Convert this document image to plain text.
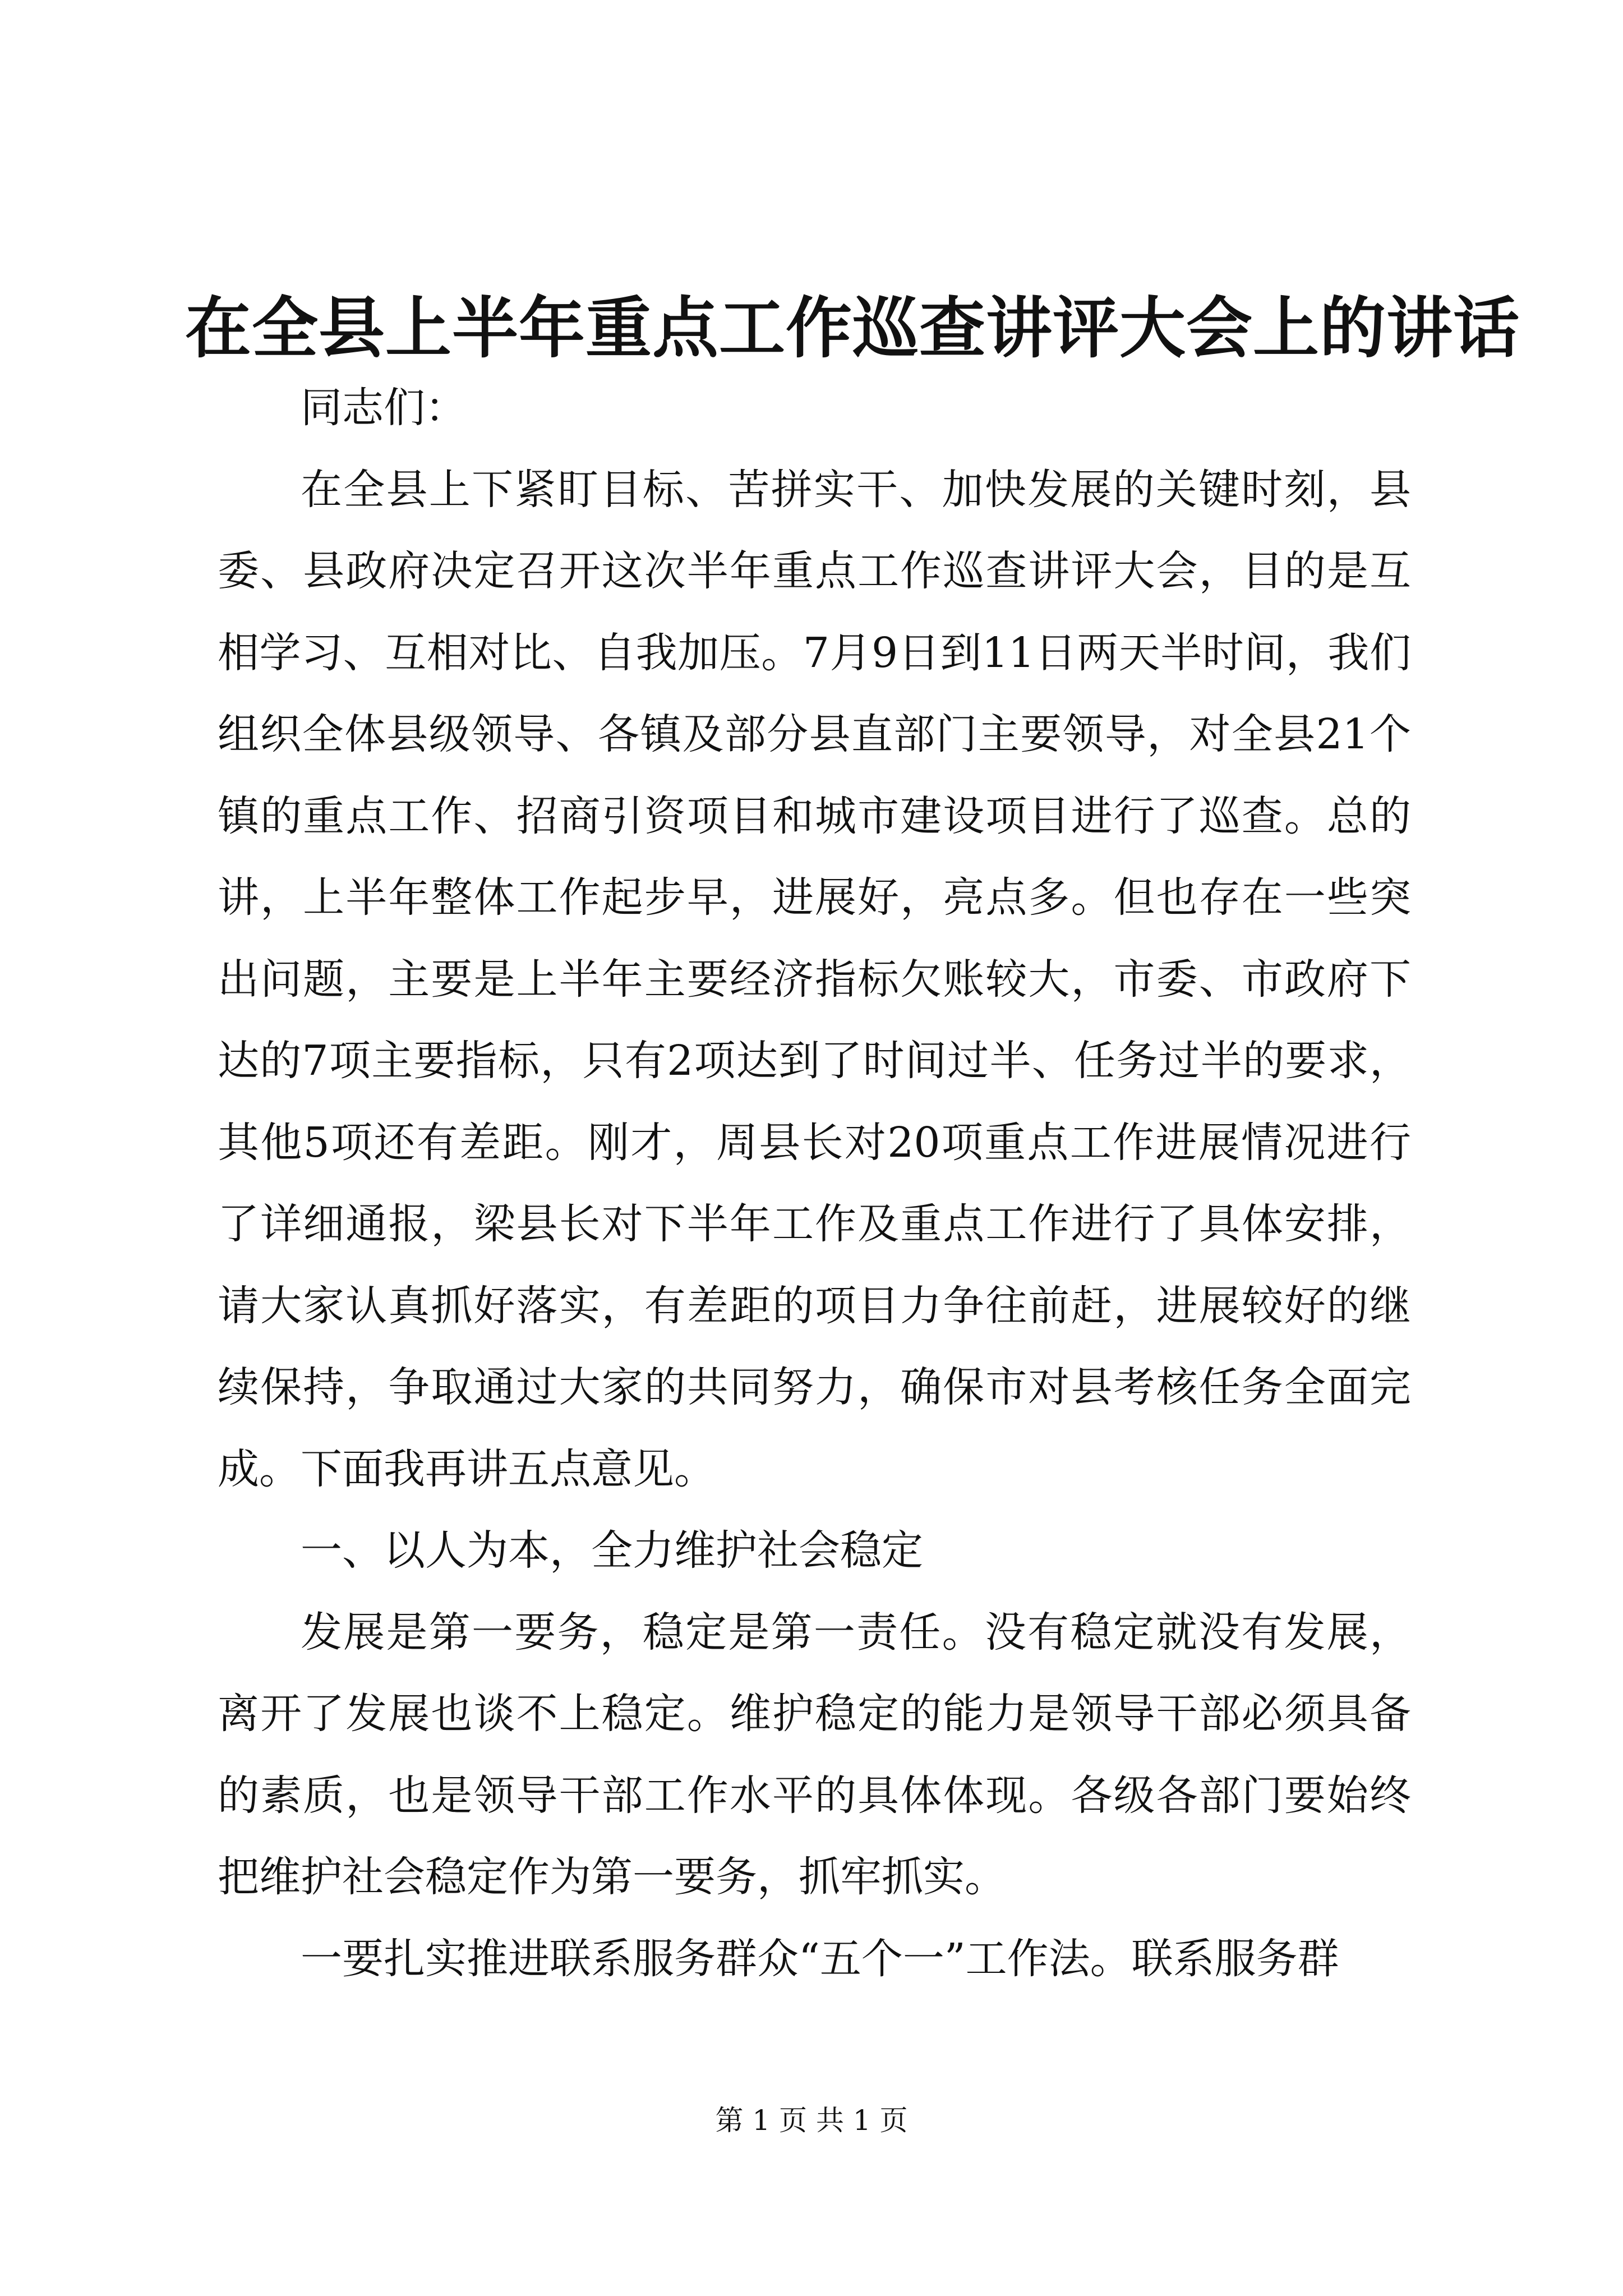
在全县上半年重点工作巡查讲评大会上的讲话

同志们：

在全县上下紧盯目标、苦拼实干、加快发展的关键时刻，县委、县政府决定召开这次半年重点工作巡查讲评大会，目的是互相学习、互相对比、自我加压。7月9日到11日两天半时间，我们组织全体县级领导、各镇及部分县直部门主要领导，对全县21个镇的重点工作、招商引资项目和城市建设项目进行了巡查。总的讲，上半年整体工作起步早，进展好，亮点多。但也存在一些突出问题，主要是上半年主要经济指标欠账较大，市委、市政府下达的7项主要指标，只有2项达到了时间过半、任务过半的要求，其他5项还有差距。刚才，周县长对20项重点工作进展情况进行了详细通报，梁县长对下半年工作及重点工作进行了具体安排，请大家认真抓好落实，有差距的项目力争往前赶，进展较好的继续保持，争取通过大家的共同努力，确保市对县考核任务全面完成。下面我再讲五点意见。

一、以人为本，全力维护社会稳定

发展是第一要务，稳定是第一责任。没有稳定就没有发展，离开了发展也谈不上稳定。维护稳定的能力是领导干部必须具备的素质，也是领导干部工作水平的具体体现。各级各部门要始终把维护社会稳定作为第一要务，抓牢抓实。

一要扎实推进联系服务群众“五个一”工作法。联系服务群

第 1 页 共 1 页
